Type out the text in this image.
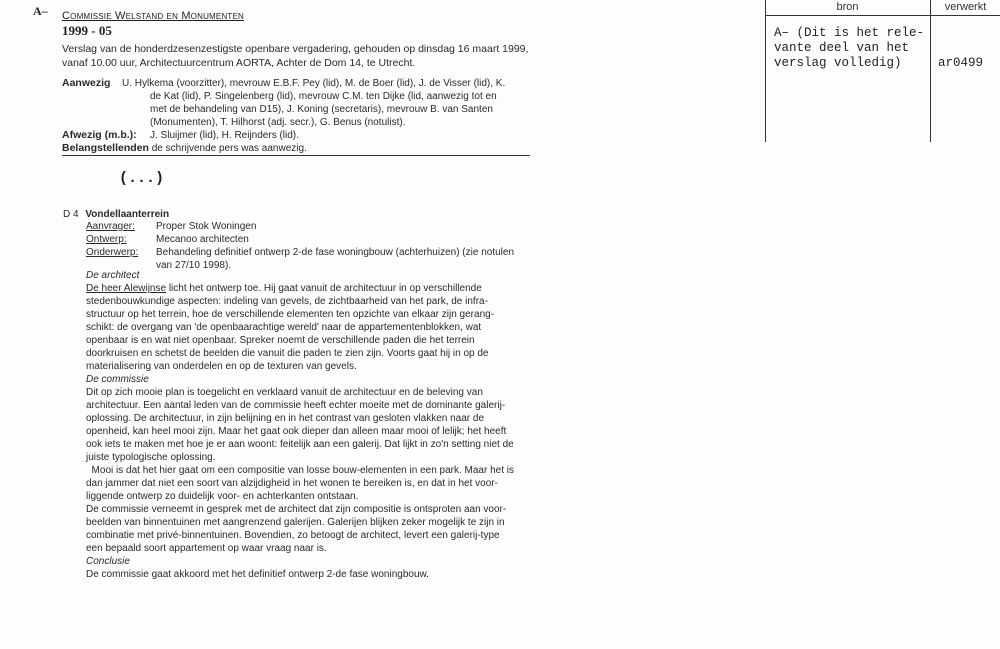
A– Commissie Welstand en Monumenten
1999 - 05

Verslag van de honderdzesenzestigste openbare vergadering, gehouden op dinsdag 16 maart 1999,

vanaf 10.00 uur, Architectuurcentrum AORTA, Achter de Dom 14, te Utrecht.

Aanwezig U. Hylkema (voorzitter), mevrouw E.B.F. Pey (lid), M. de Boer (lid), J. de Visser (lid), K.

de Kat (lid), P. Singelenberg (lid), mevrouw C.M. ten Dijke (lid, aanwezig tot en

met de behandeling van D15), J. Koning (secretaris), mevrouw B. van Santen

(Monumenten), T. Hilhorst (adj. secr.), G. Benus (notulist).

Afwezig (m.b.): J. Sluijmer (lid), H. Reijnders (lid).
Belangstellenden de schrijvende pers was aanwezig.
(...)
D 4 Vondellaanterrein
Aanvrager:	Proper Stok Woningen
Ontwerp:	Mecanoo architecten
Onderwerp:	Behandeling definitief ontwerp 2-de fase woningbouw (achterhuizen) (zie notulen
van 27/10 1998).

De architect

De heer Alewijnse licht het ontwerp toe. Hij gaat vanuit de architectuur in op verschillende

stedenbouwkundige aspecten: indeling van gevels, de zichtbaarheid van het park, de infra-

structuur op het terrein, hoe de verschillende elementen ten opzichte van elkaar zijn gerang-

schikt: de overgang van 'de openbaarachtige wereld' naar de appartementenblokken, wat

openbaar is en wat niet openbaar. Spreker noemt de verschillende paden die het terrein

doorkruisen en schetst de beelden die vanuit die paden te zien zijn. Voorts gaat hij in op de

materialisering van onderdelen en op de texturen van gevels.

De commissie

Dit op zich mooie plan is toegelicht en verklaard vanuit de architectuur en de beleving van

architectuur. Een aantal leden van de commissie heeft echter moeite met de dominante galerij-

oplossing. De architectuur, in zijn belijning en in het contrast van gesloten vlakken naar de

openheid, kan heel mooi zijn. Maar het gaat ook dieper dan alleen maar mooi of lelijk; het heeft

ook iets te maken met hoe je er aan woont: feitelijk aan een galerij. Dat lijkt in zo'n setting niet de

juiste typologische oplossing.

Mooi is dat het hier gaat om een compositie van losse bouw-elementen in een park. Maar het is

dan jammer dat niet een soort van alzijdigheid in het wonen te bereiken is, en dat in het voor-

liggende ontwerp zo duidelijk voor- en achterkanten ontstaan.

De commissie verneemt in gesprek met de architect dat zijn compositie is ontsproten aan voor-

beelden van binnentuinen met aangrenzend galerijen. Galerijen blijken zeker mogelijk te zijn in

combinatie met privé-binnentuinen. Bovendien, zo betoogt de architect, levert een galerij-type

een bepaald soort appartement op waar vraag naar is.

Conclusie

De commissie gaat akkoord met het definitief ontwerp 2-de fase woningbouw.

bron	verwerkt
A– (Dit is het rele-
vante deel van het
verslag volledig)	ar0499
